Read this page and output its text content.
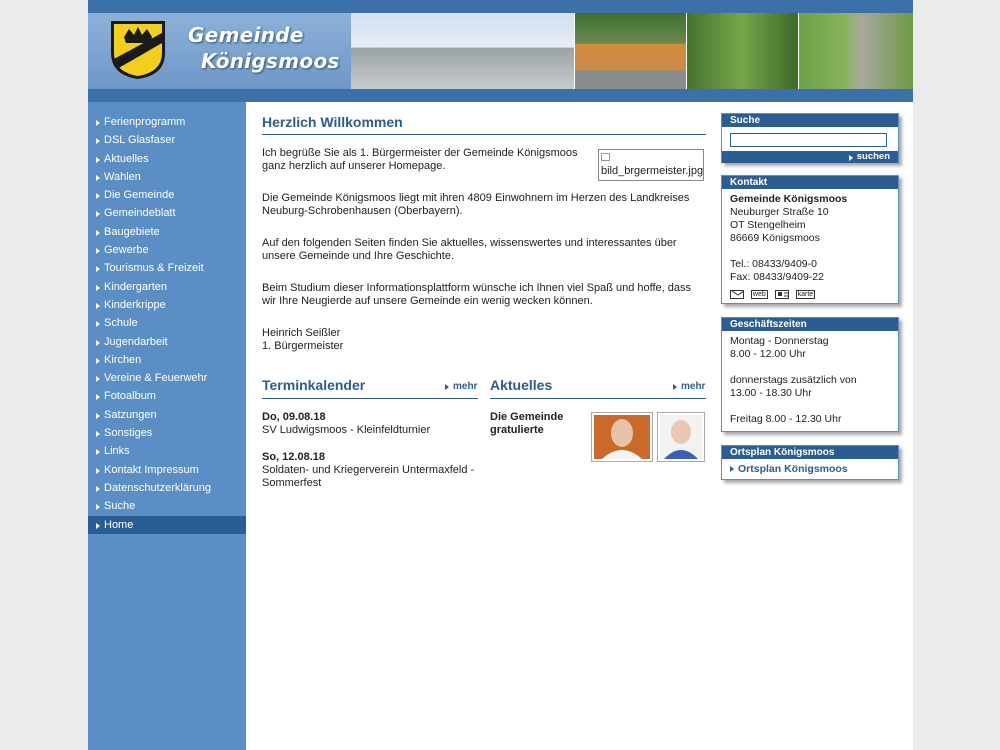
Gemeinde
Königsmoos
Ferienprogramm
DSL Glasfaser
Aktuelles
Wahlen
Die Gemeinde
Gemeindeblatt
Baugebiete
Gewerbe
Tourismus & Freizeit
Kindergarten
Kinderkrippe
Schule
Jugendarbeit
Kirchen
Vereine & Feuerwehr
Fotoalbum
Satzungen
Sonstiges
Links
Kontakt Impressum
Datenschutzerklärung
Suche
Home
Herzlich Willkommen

bild_brgermeister.jpg
Ich begrüße Sie als 1. Bürgermeister der Gemeinde Königsmoos ganz herzlich auf unserer Homepage.
Die Gemeinde Königsmoos liegt mit ihren 4809 Einwohnern im Herzen des Landkreises Neuburg-Schrobenhausen (Oberbayern).
Auf den folgenden Seiten finden Sie aktuelles, wissenswertes und interessantes über unsere Gemeinde und Ihre Geschichte.
Beim Studium dieser Informationsplattform wünsche ich Ihnen viel Spaß und hoffe, dass wir Ihre Neugierde auf unsere Gemeinde ein wenig wecken können.
Heinrich Seißler
1. Bürgermeister
Terminkalender	mehr
Do, 09.08.18
SV Ludwigsmoos - Kleinfeldturnier
So, 12.08.18
Soldaten- und Kriegerverein Untermaxfeld - Sommerfest
Aktuelles	mehr
Die Gemeinde gratulierte
Suche
suchen
Kontakt
Gemeinde Königsmoos
Neuburger Straße 10
OT Stengelheim
86669 Königsmoos
Tel.: 08433/9409-0
Fax: 08433/9409-22
web	karte
Geschäftszeiten
Montag - Donnerstag
8.00 - 12.00 Uhr
donnerstags zusätzlich von
13.00 - 18.30 Uhr
Freitag 8.00 - 12.30 Uhr
Ortsplan Königsmoos
Ortsplan Königsmoos
